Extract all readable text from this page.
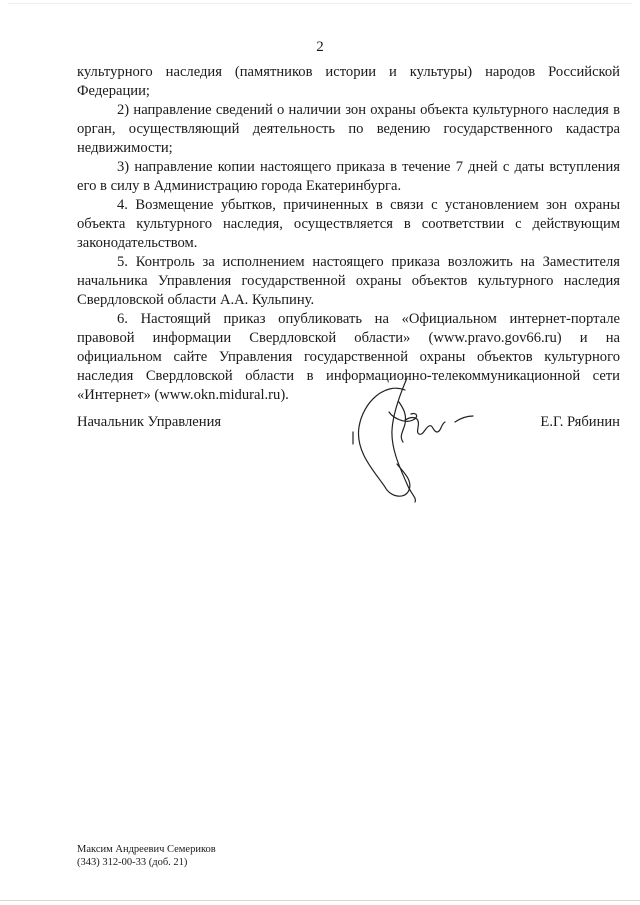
2

культурного наследия (памятников истории и культуры) народов Российской Федерации;

2) направление сведений о наличии зон охраны объекта культурного наследия в орган, осуществляющий деятельность по ведению государственного кадастра недвижимости;

3) направление копии настоящего приказа в течение 7 дней с даты вступления его в силу в Администрацию города Екатеринбурга.

4. Возмещение убытков, причиненных в связи с установлением зон охраны объекта культурного наследия, осуществляется в соответствии с действующим законодательством.

5. Контроль за исполнением настоящего приказа возложить на Заместителя начальника Управления государственной охраны объектов культурного наследия Свердловской области А.А. Кульпину.

6. Настоящий приказ опубликовать на «Официальном интернет-портале правовой информации Свердловской области» (www.pravo.gov66.ru) и на официальном сайте Управления государственной охраны объектов культурного наследия Свердловской области в информационно-телекоммуникационной сети «Интернет» (www.okn.midural.ru).

Начальник Управления	Е.Г. Рябинин
Максим Андреевич Семериков
(343) 312-00-33 (доб. 21)
